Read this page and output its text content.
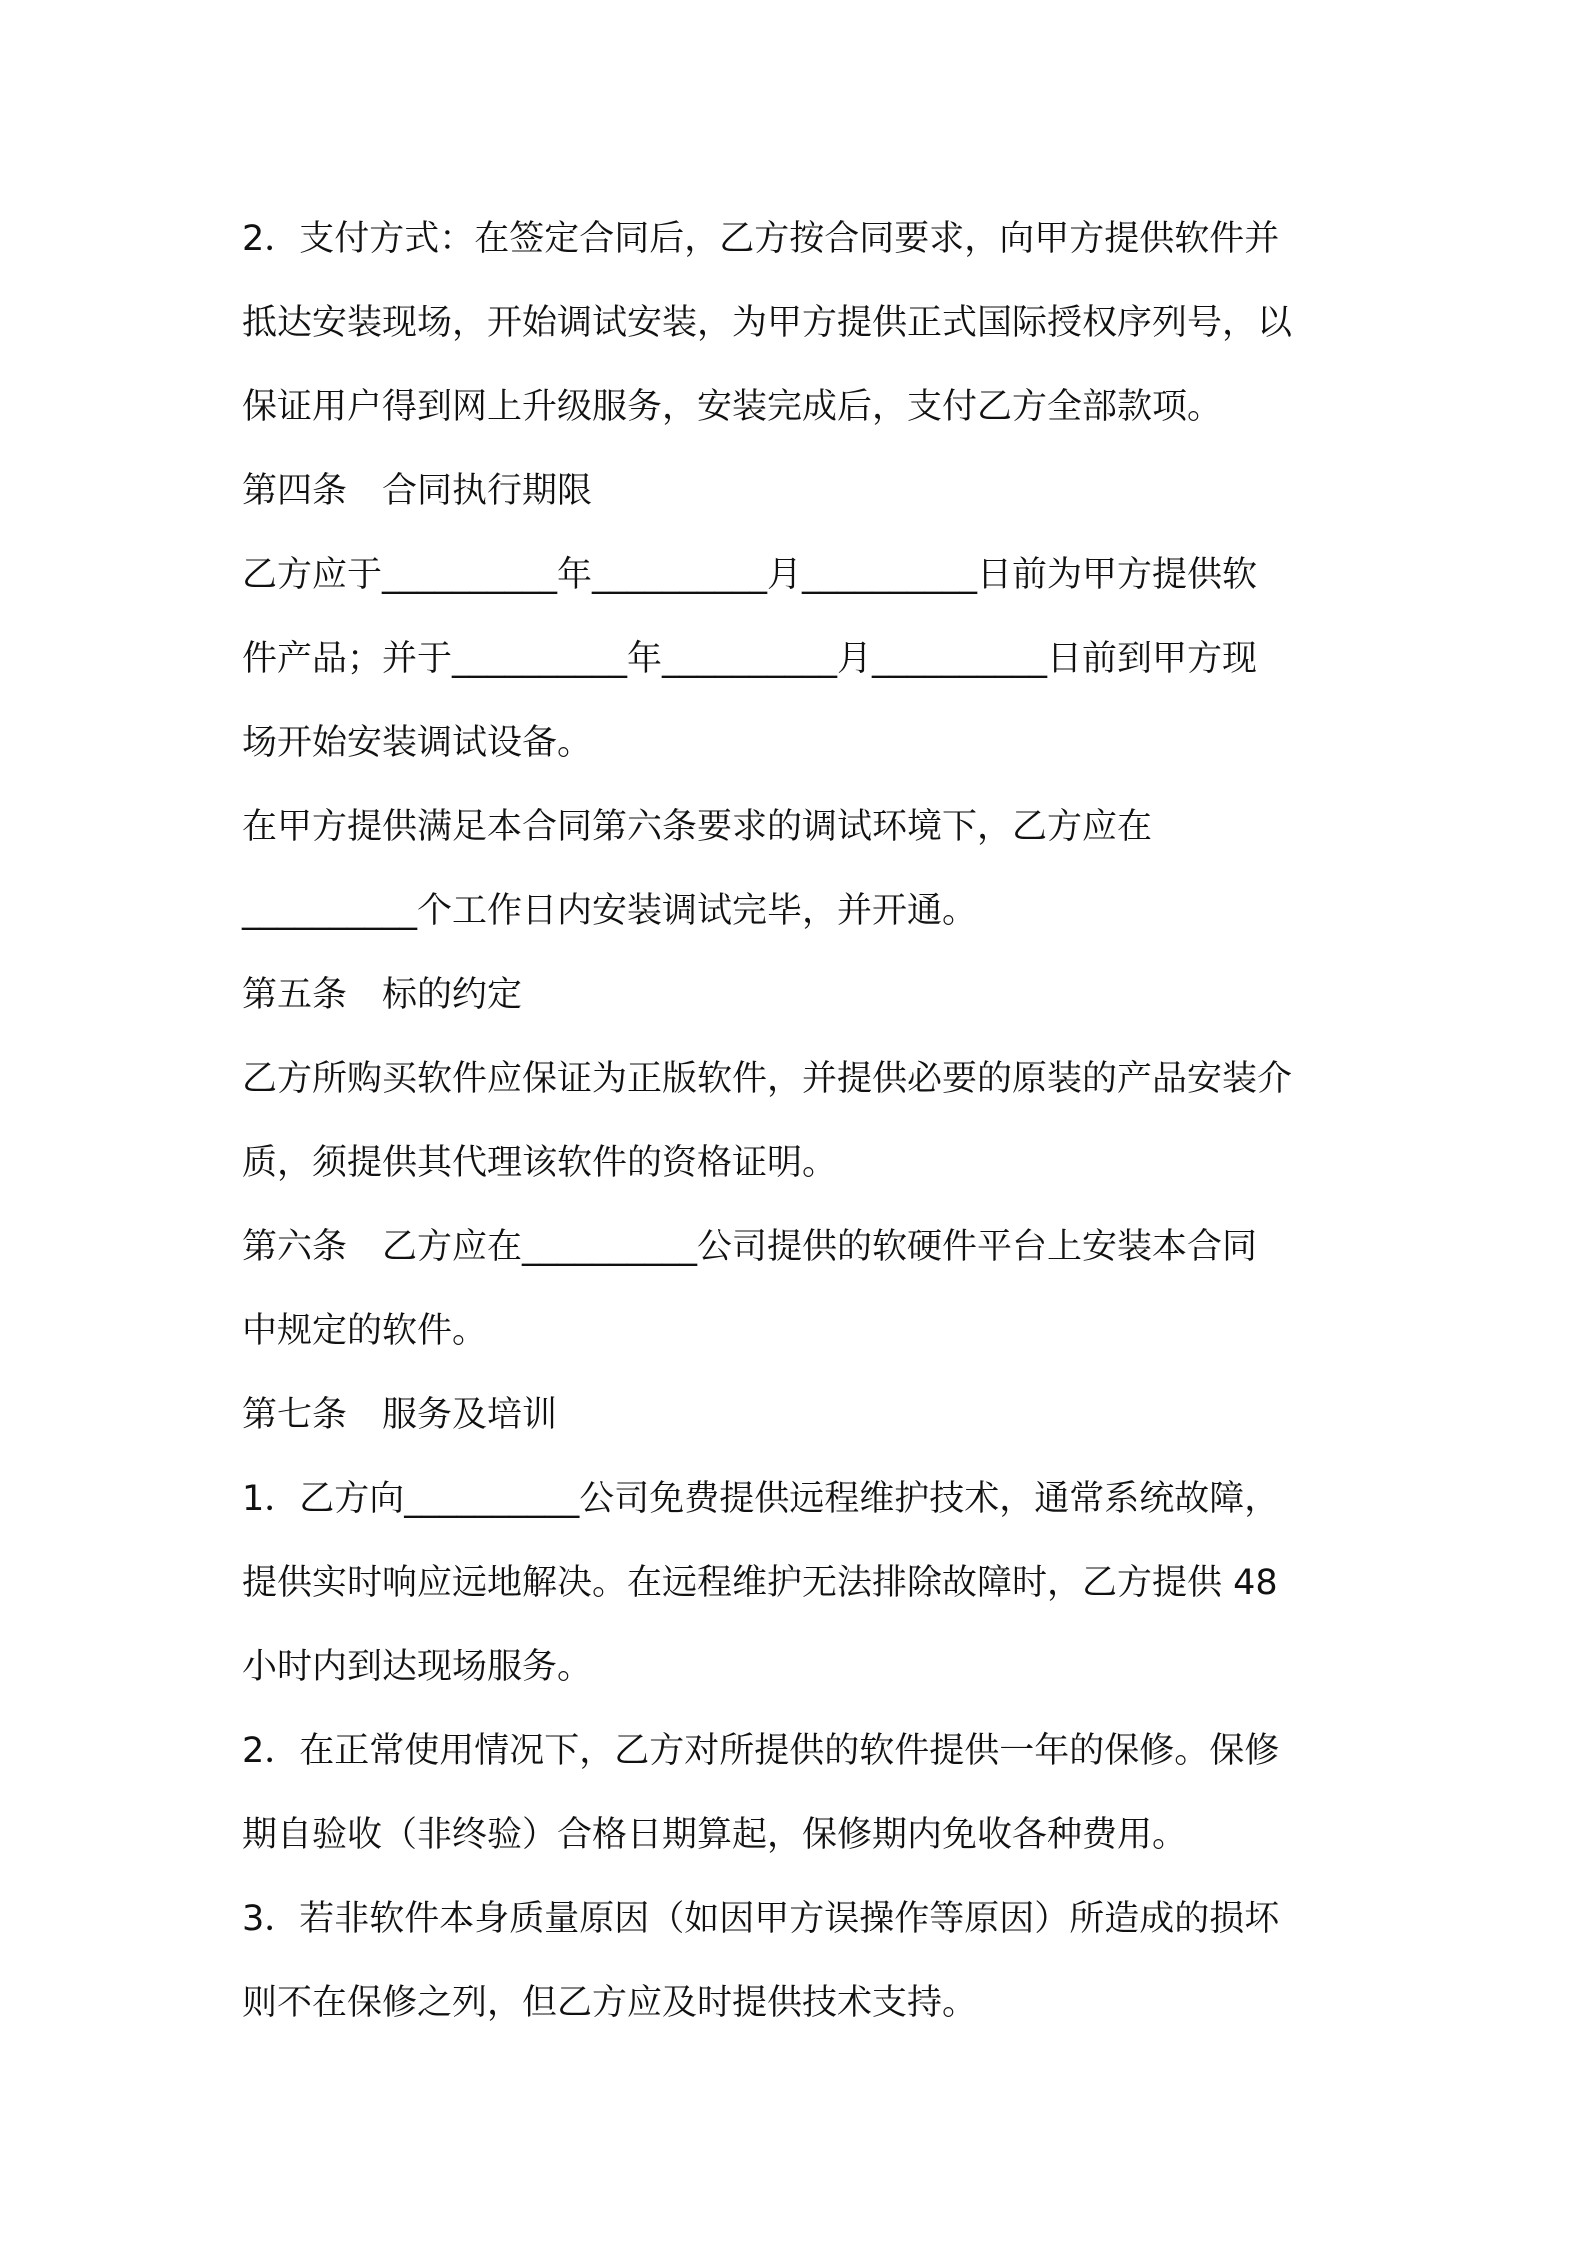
2．支付方式：在签定合同后，乙方按合同要求，向甲方提供软件并
抵达安装现场，开始调试安装，为甲方提供正式国际授权序列号，以
保证用户得到网上升级服务，安装完成后，支付乙方全部款项。

第四条　合同执行期限

乙方应于__________年__________月__________日前为甲方提供软
件产品；并于__________年__________月__________日前到甲方现
场开始安装调试设备。

在甲方提供满足本合同第六条要求的调试环境下，乙方应在
__________个工作日内安装调试完毕，并开通。

第五条　标的约定

乙方所购买软件应保证为正版软件，并提供必要的原装的产品安装介
质，须提供其代理该软件的资格证明。

第六条　乙方应在__________公司提供的软硬件平台上安装本合同
中规定的软件。

第七条　服务及培训

1．乙方向__________公司免费提供远程维护技术，通常系统故障，
提供实时响应远地解决。在远程维护无法排除故障时，乙方提供 48
小时内到达现场服务。

2．在正常使用情况下，乙方对所提供的软件提供一年的保修。保修
期自验收（非终验）合格日期算起，保修期内免收各种费用。

3．若非软件本身质量原因（如因甲方误操作等原因）所造成的损坏
则不在保修之列，但乙方应及时提供技术支持。
